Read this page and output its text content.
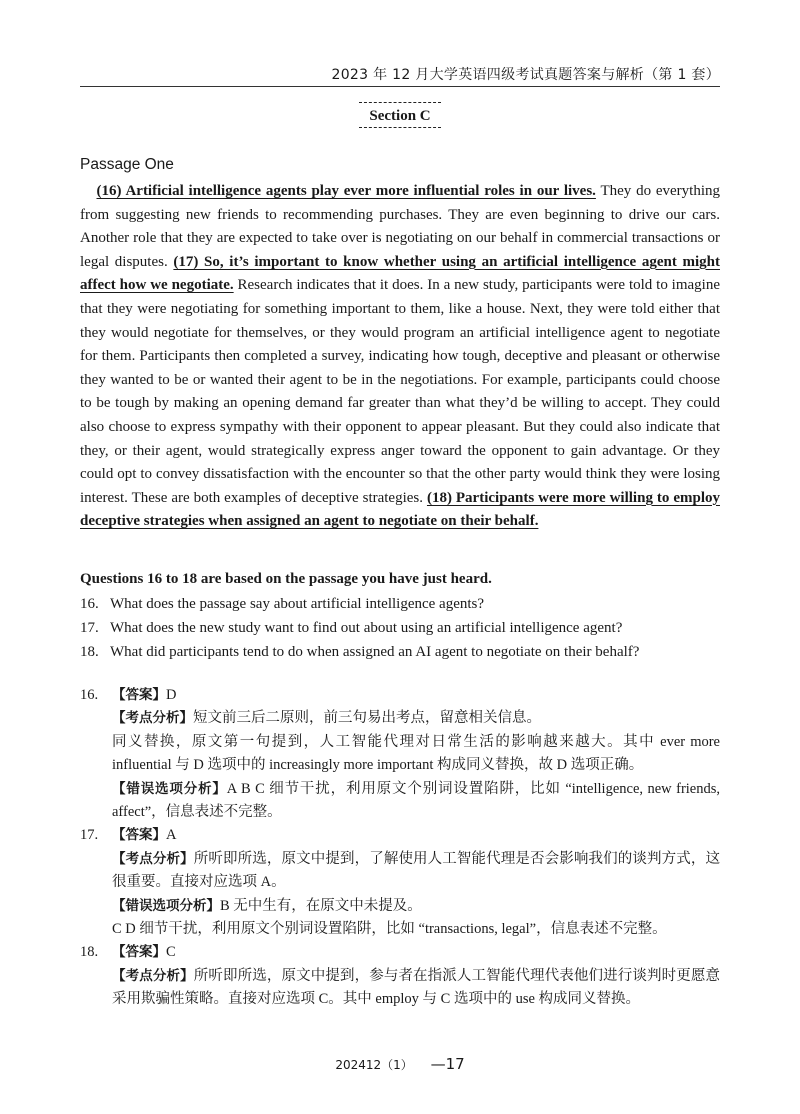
2023 年 12 月大学英语四级考试真题答案与解析（第 1 套）
Section C
Passage One

(16) Artificial intelligence agents play ever more influential roles in our lives. They do everything from suggesting new friends to recommending purchases. They are even beginning to drive our cars. Another role that they are expected to take over is negotiating on our behalf in commercial transactions or legal disputes. (17) So, it’s important to know whether using an artificial intelligence agent might affect how we negotiate. Research indicates that it does. In a new study, participants were told to imagine that they were negotiating for something important to them, like a house. Next, they were told either that they would negotiate for themselves, or they would program an artificial intelligence agent to negotiate for them. Participants then completed a survey, indicating how tough, deceptive and pleasant or otherwise they wanted to be or wanted their agent to be in the negotiations. For example, participants could choose to be tough by making an opening demand far greater than what they’d be willing to accept. They could also choose to express sympathy with their opponent to appear pleasant. But they could also indicate that they, or their agent, would strategically express anger toward the opponent to gain advantage. Or they could opt to convey dissatisfaction with the encounter so that the other party would think they were losing interest. These are both examples of deceptive strategies. (18) Participants were more willing to employ deceptive strategies when assigned an agent to negotiate on their behalf.

Questions 16 to 18 are based on the passage you have just heard.
16. What does the passage say about artificial intelligence agents?
17. What does the new study want to find out about using an artificial intelligence agent?
18. What did participants tend to do when assigned an AI agent to negotiate on their behalf?
16.	【答案】D
【考点分析】短文前三后二原则，前三句易出考点，留意相关信息。
同义替换，原文第一句提到，人工智能代理对日常生活的影响越来越大。其中 ever more influential 与 D 选项中的 increasingly more important 构成同义替换，故 D 选项正确。
【错误选项分析】A B C 细节干扰，利用原文个别词设置陷阱，比如 “intelligence, new friends, affect”，信息表述不完整。
17.	【答案】A
【考点分析】所听即所选，原文中提到，了解使用人工智能代理是否会影响我们的谈判方式，这很重要。直接对应选项 A。
【错误选项分析】B 无中生有，在原文中未提及。
C D 细节干扰，利用原文个别词设置陷阱，比如 “transactions, legal”，信息表述不完整。
18.	【答案】C
【考点分析】所听即所选，原文中提到，参与者在指派人工智能代理代表他们进行谈判时更愿意采用欺骗性策略。直接对应选项 C。其中 employ 与 C 选项中的 use 构成同义替换。
202412（1） —17
